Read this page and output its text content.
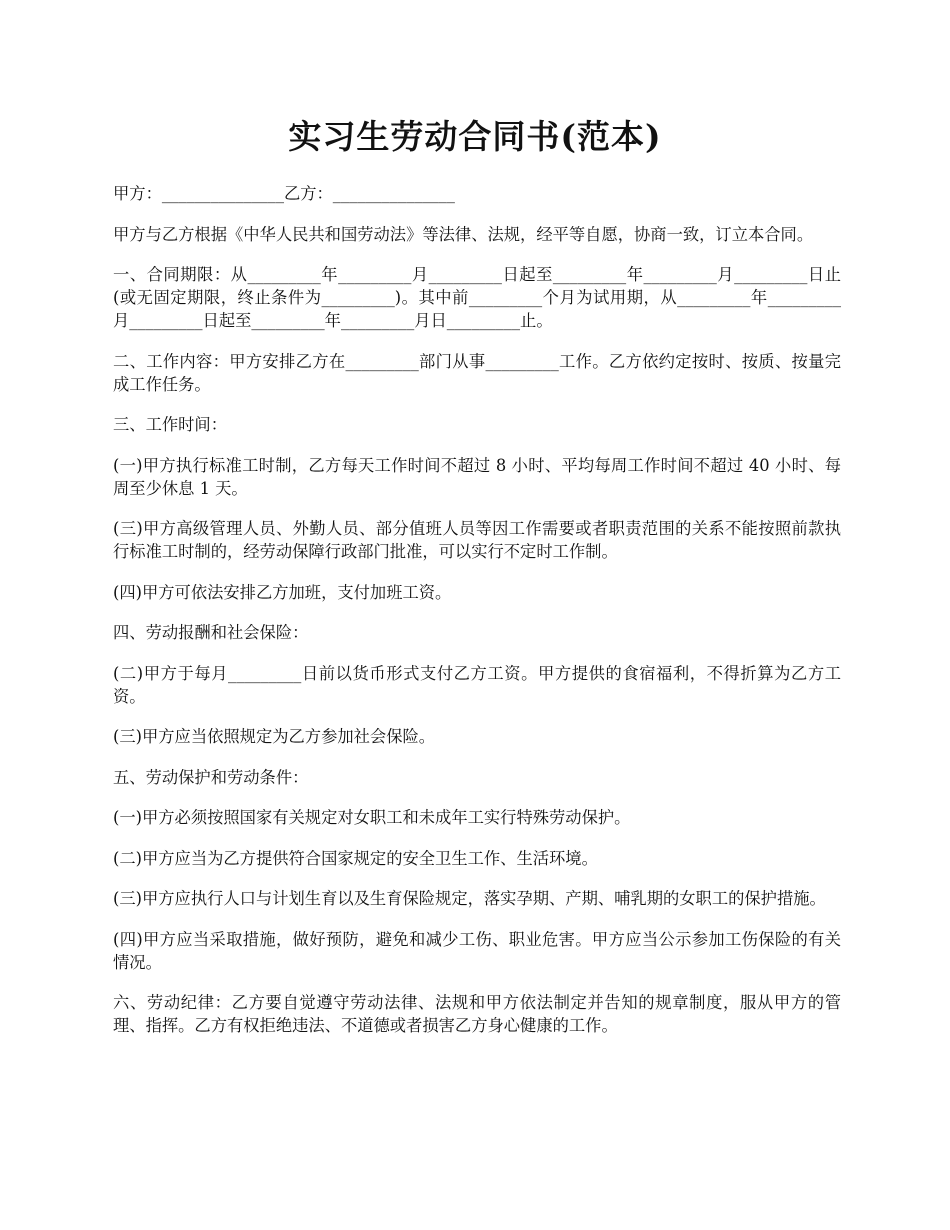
实习生劳动合同书(范本)

甲方：_______________乙方：_______________

甲方与乙方根据《中华人民共和国劳动法》等法律、法规，经平等自愿，协商一致，订立本合同。

一、合同期限：从_________年_________月_________日起至_________年_________月_________日止(或无固定期限，终止条件为_________)。其中前_________个月为试用期，从_________年_________月_________日起至_________年_________月日_________止。

二、工作内容：甲方安排乙方在_________部门从事_________工作。乙方依约定按时、按质、按量完成工作任务。

三、工作时间：

(一)甲方执行标准工时制，乙方每天工作时间不超过 8 小时、平均每周工作时间不超过 40 小时、每周至少休息 1 天。

(三)甲方高级管理人员、外勤人员、部分值班人员等因工作需要或者职责范围的关系不能按照前款执行标准工时制的，经劳动保障行政部门批准，可以实行不定时工作制。

(四)甲方可依法安排乙方加班，支付加班工资。

四、劳动报酬和社会保险：

(二)甲方于每月_________日前以货币形式支付乙方工资。甲方提供的食宿福利，不得折算为乙方工资。

(三)甲方应当依照规定为乙方参加社会保险。

五、劳动保护和劳动条件：

(一)甲方必须按照国家有关规定对女职工和未成年工实行特殊劳动保护。

(二)甲方应当为乙方提供符合国家规定的安全卫生工作、生活环境。

(三)甲方应执行人口与计划生育以及生育保险规定，落实孕期、产期、哺乳期的女职工的保护措施。

(四)甲方应当采取措施，做好预防，避免和减少工伤、职业危害。甲方应当公示参加工伤保险的有关情况。

六、劳动纪律：乙方要自觉遵守劳动法律、法规和甲方依法制定并告知的规章制度，服从甲方的管理、指挥。乙方有权拒绝违法、不道德或者损害乙方身心健康的工作。
